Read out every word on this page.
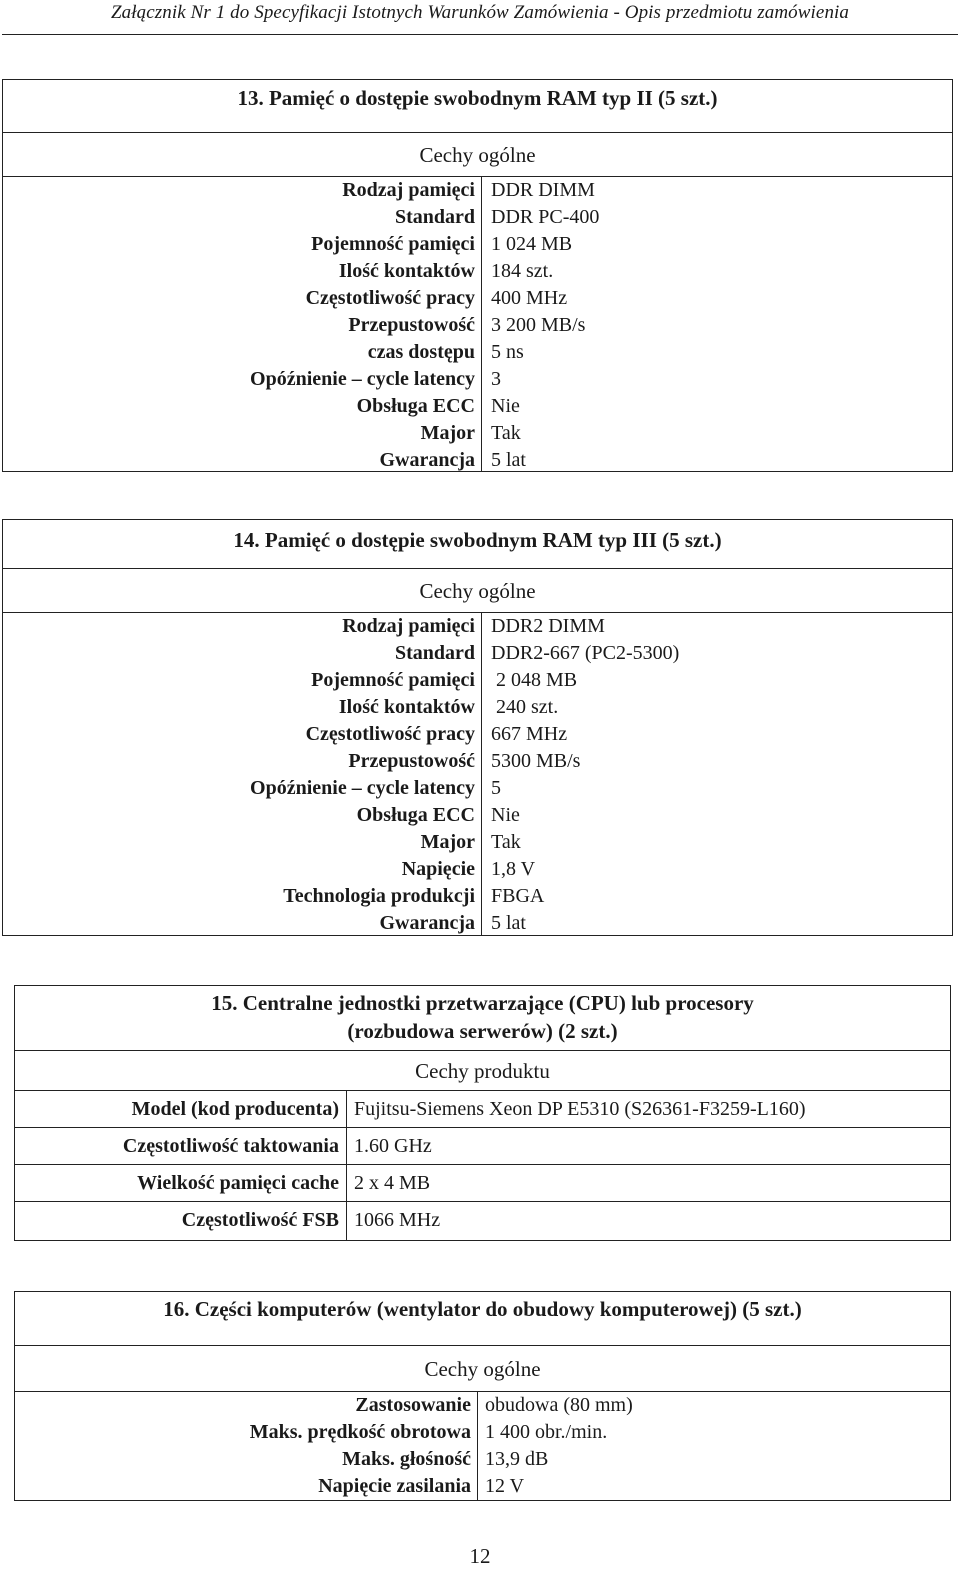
Załącznik Nr 1 do Specyfikacji Istotnych Warunków Zamówienia - Opis przedmiotu zamówienia
13. Pamięć o dostępie swobodnym RAM typ II (5 szt.)
Cechy ogólne
Rodzaj pamięci DDR DIMM
Standard DDR PC-400
Pojemność pamięci 1 024 MB
Ilość kontaktów 184 szt.
Częstotliwość pracy 400 MHz
Przepustowość 3 200 MB/s
czas dostępu 5 ns
Opóźnienie – cycle latency 3
Obsługa ECC Nie
Major Tak
Gwarancja 5 lat
14. Pamięć o dostępie swobodnym RAM typ III (5 szt.)
Cechy ogólne
Rodzaj pamięci DDR2 DIMM
Standard DDR2-667 (PC2-5300)
Pojemność pamięci 2 048 MB
Ilość kontaktów 240 szt.
Częstotliwość pracy 667 MHz
Przepustowość 5300 MB/s
Opóźnienie – cycle latency 5
Obsługa ECC Nie
Major Tak
Napięcie 1,8 V
Technologia produkcji FBGA
Gwarancja 5 lat
15. Centralne jednostki przetwarzające (CPU) lub procesory
(rozbudowa serwerów) (2 szt.)
Cechy produktu
Model (kod producenta) Fujitsu-Siemens Xeon DP E5310 (S26361-F3259-L160)
Częstotliwość taktowania 1.60 GHz
Wielkość pamięci cache 2 x 4 MB
Częstotliwość FSB 1066 MHz
16. Części komputerów (wentylator do obudowy komputerowej) (5 szt.)
Cechy ogólne
Zastosowanie obudowa (80 mm)
Maks. prędkość obrotowa 1 400 obr./min.
Maks. głośność 13,9 dB
Napięcie zasilania 12 V
12
